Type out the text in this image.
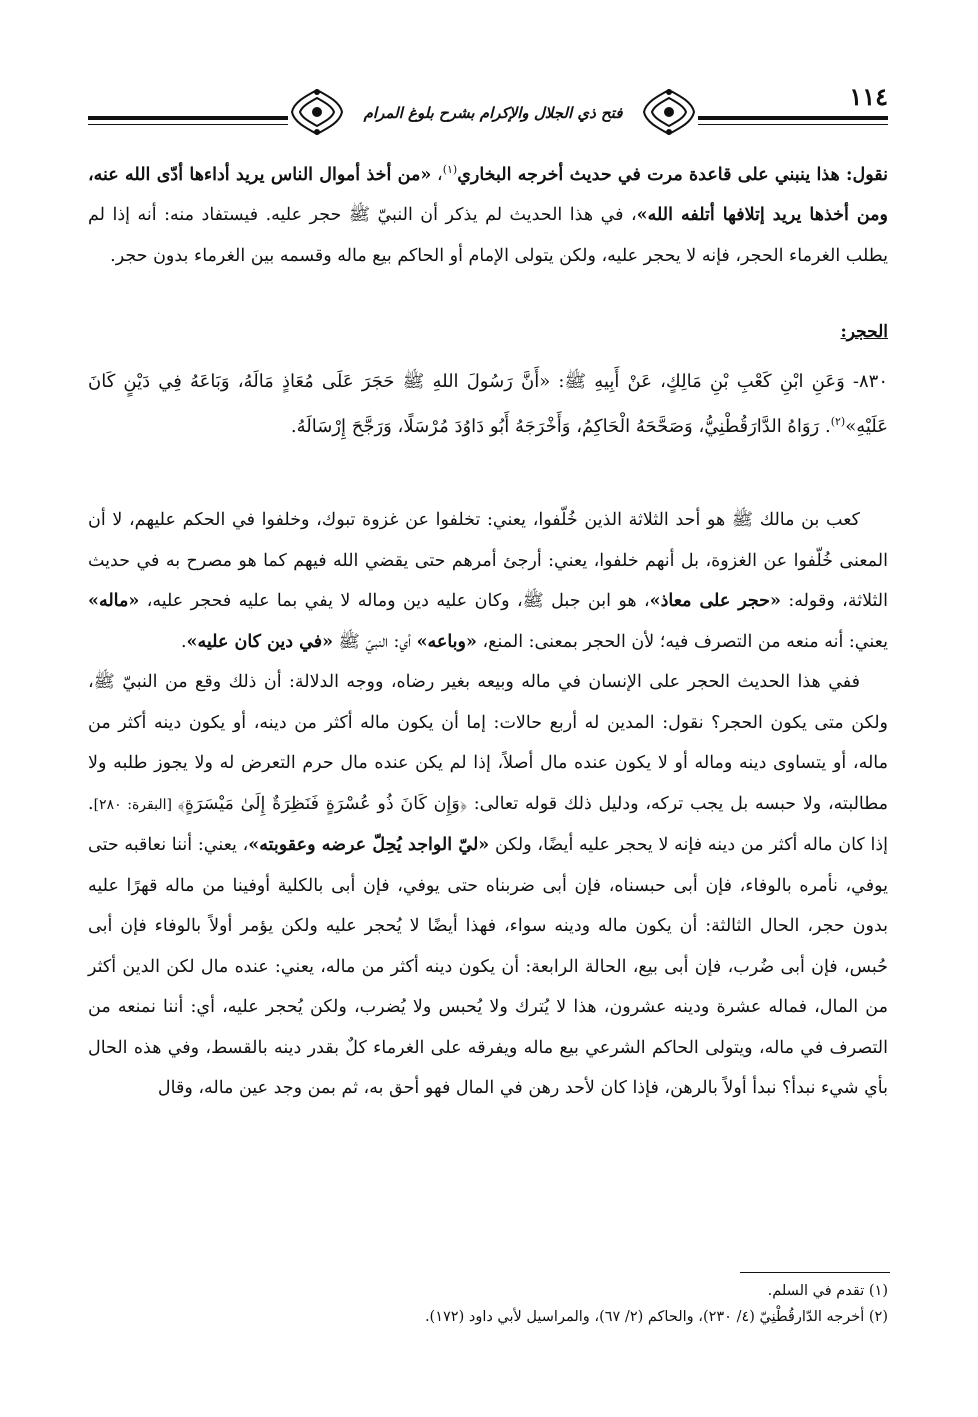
فتح ذي الجلال والإكرام بشرح بلوغ المرام
١١٤

نقول: هذا ينبني على قاعدة مرت في حديث أخرجه البخاري$^{(١)}$، «من أخذ أموال الناس يريد أداءها أدّى الله عنه، ومن أخذها يريد إتلافها أتلفه الله»، في هذا الحديث لم يذكر أن النبيّ ﷺ حجر عليه. فيستفاد منه: أنه إذا لم يطلب الغرماء الحجر، فإنه لا يحجر عليه، ولكن يتولى الإمام أو الحاكم بيع ماله وقسمه بين الغرماء بدون حجر.

الحجر:
٨٣٠- وَعَنِ ابْنِ كَعْبِ بْنِ مَالِكٍ، عَنْ أَبِيهِ ﷺ: «أَنَّ رَسُولَ اللهِ ﷺ حَجَرَ عَلَى مُعَاذٍ مَالَهُ، وَبَاعَهُ فِي دَيْنٍ كَانَ عَلَيْهِ»$^{(٢)}$. رَوَاهُ الدَّارَقُطْنِيُّ، وَصَحَّحَهُ الْحَاكِمُ، وَأَخْرَجَهُ أَبُو دَاوُدَ مُرْسَلًا، وَرَجَّحَ إِرْسَالَهُ.

كعب بن مالك ﷺ هو أحد الثلاثة الذين خُلّفوا، يعني: تخلفوا عن غزوة تبوك، وخلفوا في الحكم عليهم، لا أن المعنى خُلّفوا عن الغزوة، بل أنهم خلفوا، يعني: أرجئ أمرهم حتى يقضي الله فيهم كما هو مصرح به في حديث الثلاثة، وقوله: «حجر على معاذ»، هو ابن جبل ﷺ، وكان عليه دين وماله لا يفي بما عليه فحجر عليه، «ماله» يعني: أنه منعه من التصرف فيه؛ لأن الحجر بمعنى: المنع، «وباعه» أي: النبيّ ﷺ «في دين كان عليه».

ففي هذا الحديث الحجر على الإنسان في ماله وبيعه بغير رضاه، ووجه الدلالة: أن ذلك وقع من النبيّ ﷺ، ولكن متى يكون الحجر؟ نقول: المدين له أربع حالات: إما أن يكون ماله أكثر من دينه، أو يكون دينه أكثر من ماله، أو يتساوى دينه وماله أو لا يكون عنده مال أصلاً، إذا لم يكن عنده مال حرم التعرض له ولا يجوز طلبه ولا مطالبته، ولا حبسه بل يجب تركه، ودليل ذلك قوله تعالى: ﴿وَإِن كَانَ ذُو عُسْرَةٍ فَنَظِرَةٌ إِلَىٰ مَيْسَرَةٍ﴾ [البقرة: ٢٨٠]. إذا كان ماله أكثر من دينه فإنه لا يحجر عليه أيضًا، ولكن «ليّ الواجد يُحِلّ عرضه وعقوبته»، يعني: أننا نعاقبه حتى يوفي، نأمره بالوفاء، فإن أبى حبسناه، فإن أبى ضربناه حتى يوفي، فإن أبى بالكلية أوفينا من ماله قهرًا عليه بدون حجر، الحال الثالثة: أن يكون ماله ودينه سواء، فهذا أيضًا لا يُحجر عليه ولكن يؤمر أولاً بالوفاء فإن أبى حُبس، فإن أبى ضُرب، فإن أبى بيع، الحالة الرابعة: أن يكون دينه أكثر من ماله، يعني: عنده مال لكن الدين أكثر من المال، فماله عشرة ودينه عشرون، هذا لا يُترك ولا يُحبس ولا يُضرب، ولكن يُحجر عليه، أي: أننا نمنعه من التصرف في ماله، ويتولى الحاكم الشرعي بيع ماله ويفرقه على الغرماء كلٌ بقدر دينه بالقسط، وفي هذه الحال بأي شيء نبدأ؟ نبدأ أولاً بالرهن، فإذا كان لأحد رهن في المال فهو أحق به، ثم بمن وجد عين ماله، وقال

(١) تقدم في السلم.
(٢) أخرجه الدّارقُطْنِيّ (٤/ ٢٣٠)، والحاكم (٢/ ٦٧)، والمراسيل لأبي داود (١٧٢).
